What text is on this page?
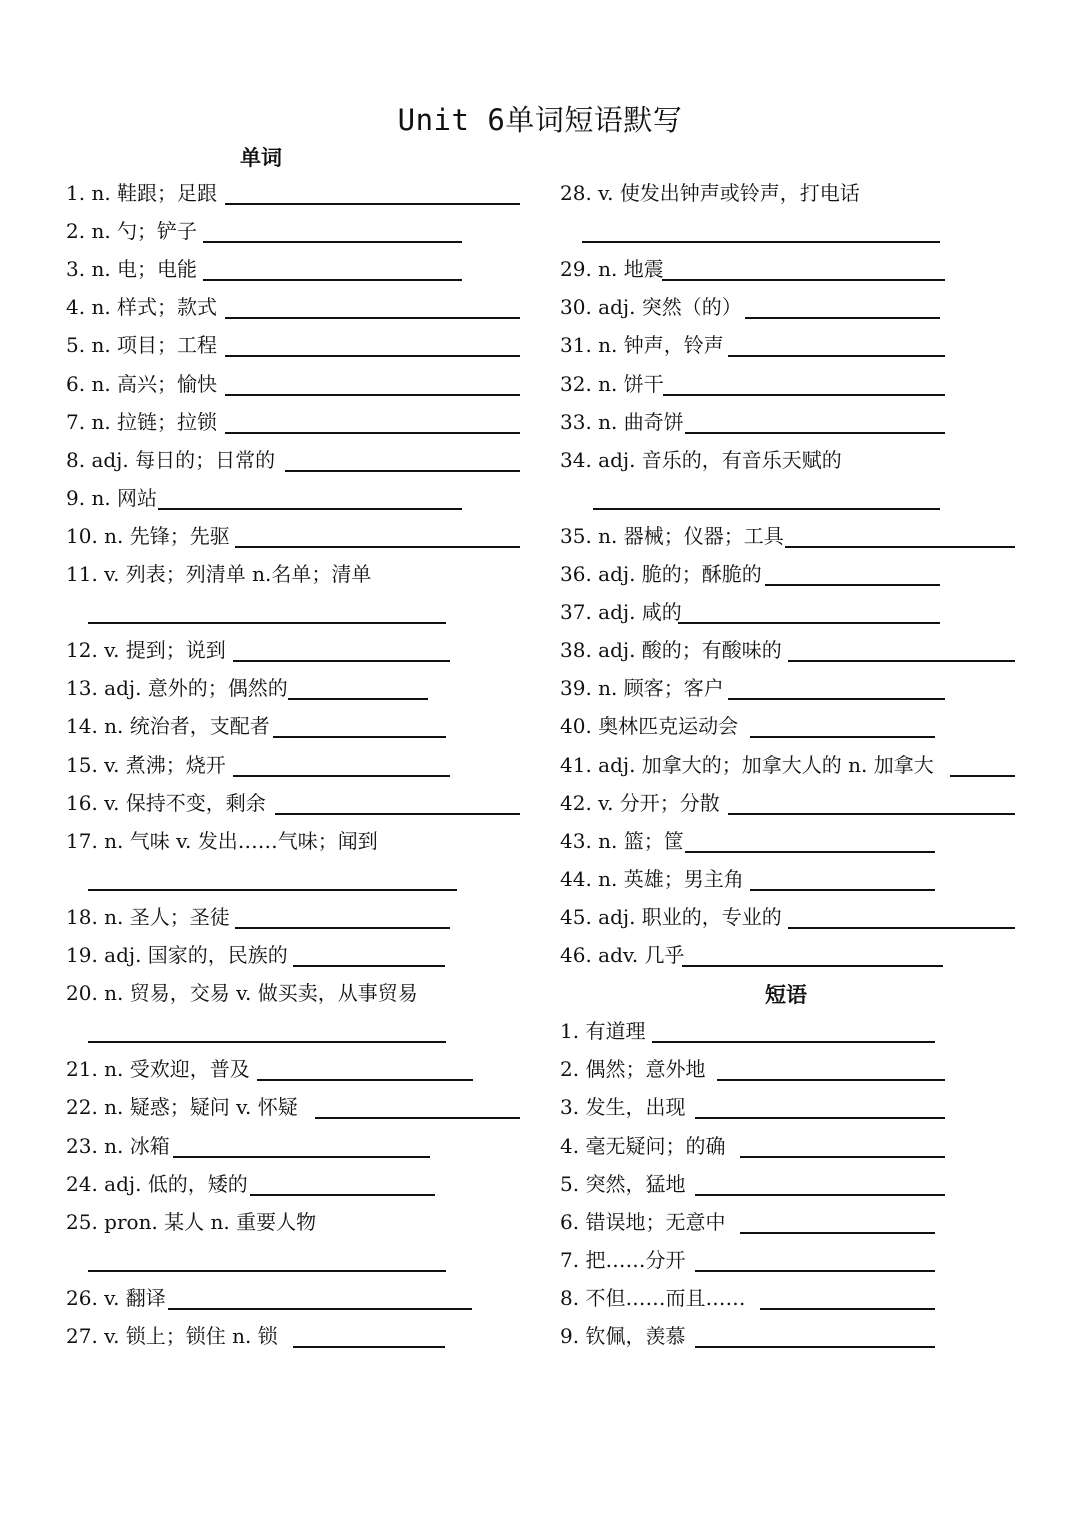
Unit 6单词短语默写
单词
短语
1. n. 鞋跟；足跟
2. n. 勺；铲子
3. n. 电；电能
4. n. 样式；款式
5. n. 项目；工程
6. n. 高兴；愉快
7. n. 拉链；拉锁
8. adj. 每日的；日常的
9. n. 网站
10. n. 先锋；先驱
11. v. 列表；列清单 n.名单；清单
12. v. 提到；说到
13. adj. 意外的；偶然的
14. n. 统治者，支配者
15. v. 煮沸；烧开
16. v. 保持不变，剩余
17. n. 气味 v. 发出……气味；闻到
18. n. 圣人；圣徒
19. adj. 国家的，民族的
20. n. 贸易，交易 v. 做买卖，从事贸易
21. n. 受欢迎，普及
22. n. 疑惑；疑问 v. 怀疑
23. n. 冰箱
24. adj. 低的，矮的
25. pron. 某人 n. 重要人物
26. v. 翻译
27. v. 锁上；锁住 n. 锁
28. v. 使发出钟声或铃声，打电话
29. n. 地震
30. adj. 突然（的）
31. n. 钟声，铃声
32. n. 饼干
33. n. 曲奇饼
34. adj. 音乐的，有音乐天赋的
35. n. 器械；仪器；工具
36. adj. 脆的；酥脆的
37. adj. 咸的
38. adj. 酸的；有酸味的
39. n. 顾客；客户
40. 奥林匹克运动会
41. adj. 加拿大的；加拿大人的 n. 加拿大
42. v. 分开；分散
43. n. 篮；筐
44. n. 英雄；男主角
45. adj. 职业的，专业的
46. adv. 几乎
1. 有道理
2. 偶然；意外地
3. 发生，出现
4. 毫无疑问；的确
5. 突然，猛地
6. 错误地；无意中
7. 把……分开
8. 不但……而且……
9. 钦佩，羡慕
